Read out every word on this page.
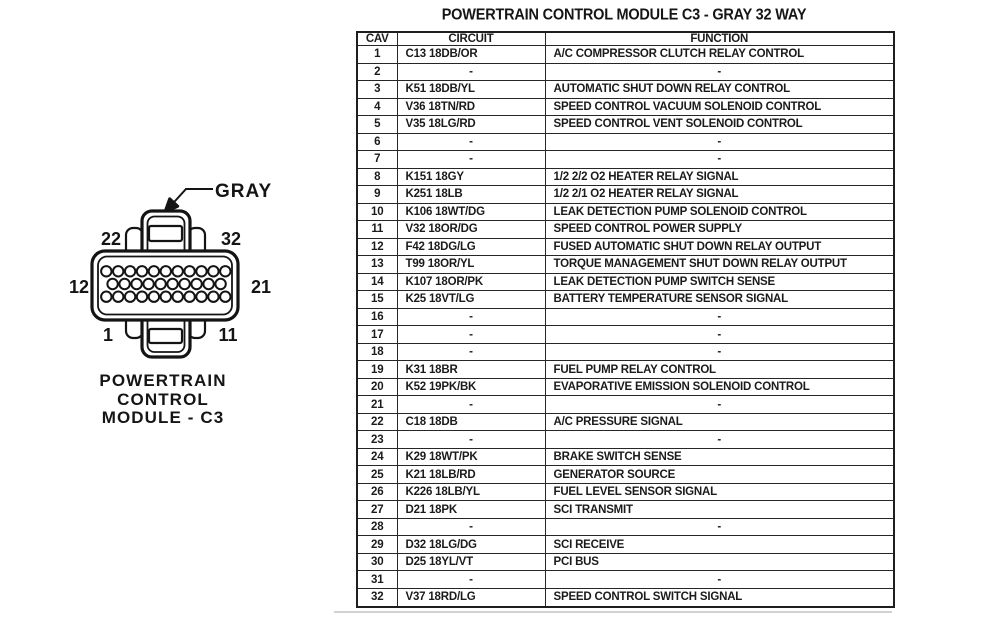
POWERTRAIN CONTROL MODULE C3 - GRAY 32 WAY
GRAY
22	32
12	21
1	11
POWERTRAIN
CONTROL
MODULE - C3
CAV	CIRCUIT	FUNCTION
1	C13 18DB/OR	A/C COMPRESSOR CLUTCH RELAY CONTROL
2	-	-
3	K51 18DB/YL	AUTOMATIC SHUT DOWN RELAY CONTROL
4	V36 18TN/RD	SPEED CONTROL VACUUM SOLENOID CONTROL
5	V35 18LG/RD	SPEED CONTROL VENT SOLENOID CONTROL
6	-	-
7	-	-
8	K151 18GY	1/2 2/2 O2 HEATER RELAY SIGNAL
9	K251 18LB	1/2 2/1 O2 HEATER RELAY SIGNAL
10	K106 18WT/DG	LEAK DETECTION PUMP SOLENOID CONTROL
11	V32 18OR/DG	SPEED CONTROL POWER SUPPLY
12	F42 18DG/LG	FUSED AUTOMATIC SHUT DOWN RELAY OUTPUT
13	T99 18OR/YL	TORQUE MANAGEMENT SHUT DOWN RELAY OUTPUT
14	K107 18OR/PK	LEAK DETECTION PUMP SWITCH SENSE
15	K25 18VT/LG	BATTERY TEMPERATURE SENSOR SIGNAL
16	-	-
17	-	-
18	-	-
19	K31 18BR	FUEL PUMP RELAY CONTROL
20	K52 19PK/BK	EVAPORATIVE EMISSION SOLENOID CONTROL
21	-	-
22	C18 18DB	A/C PRESSURE SIGNAL
23	-	-
24	K29 18WT/PK	BRAKE SWITCH SENSE
25	K21 18LB/RD	GENERATOR SOURCE
26	K226 18LB/YL	FUEL LEVEL SENSOR SIGNAL
27	D21 18PK	SCI TRANSMIT
28	-	-
29	D32 18LG/DG	SCI RECEIVE
30	D25 18YL/VT	PCI BUS
31	-	-
32	V37 18RD/LG	SPEED CONTROL SWITCH SIGNAL
